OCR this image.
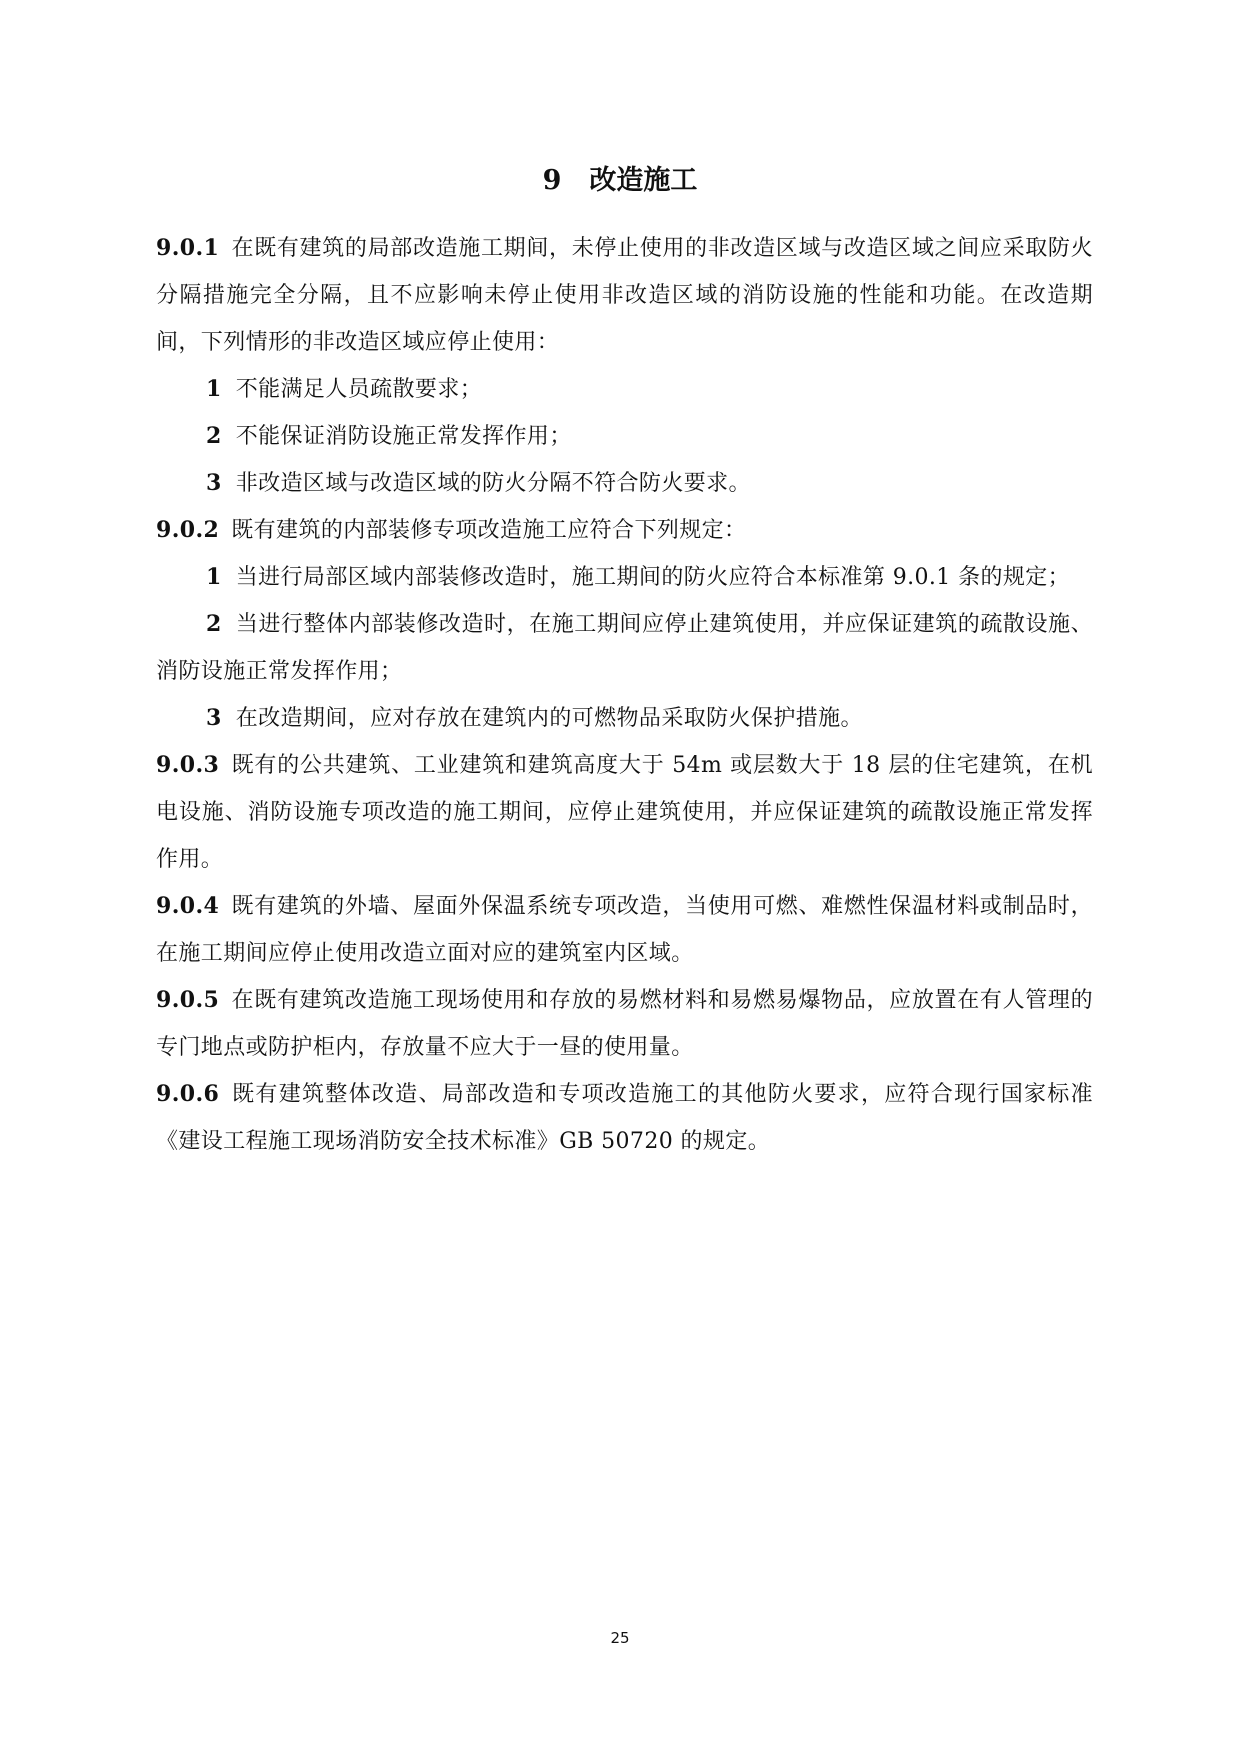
9 改造施工

9.0.1 在既有建筑的局部改造施工期间，未停止使用的非改造区域与改造区域之间应采取防火分隔措施完全分隔，且不应影响未停止使用非改造区域的消防设施的性能和功能。在改造期间，下列情形的非改造区域应停止使用：

1 不能满足人员疏散要求；

2 不能保证消防设施正常发挥作用；

3 非改造区域与改造区域的防火分隔不符合防火要求。

9.0.2 既有建筑的内部装修专项改造施工应符合下列规定：

1 当进行局部区域内部装修改造时，施工期间的防火应符合本标准第 9.0.1 条的规定；

2 当进行整体内部装修改造时，在施工期间应停止建筑使用，并应保证建筑的疏散设施、消防设施正常发挥作用；

3 在改造期间，应对存放在建筑内的可燃物品采取防火保护措施。

9.0.3 既有的公共建筑、工业建筑和建筑高度大于 54m 或层数大于 18 层的住宅建筑，在机电设施、消防设施专项改造的施工期间，应停止建筑使用，并应保证建筑的疏散设施正常发挥作用。

9.0.4 既有建筑的外墙、屋面外保温系统专项改造，当使用可燃、难燃性保温材料或制品时，在施工期间应停止使用改造立面对应的建筑室内区域。

9.0.5 在既有建筑改造施工现场使用和存放的易燃材料和易燃易爆物品，应放置在有人管理的专门地点或防护柜内，存放量不应大于一昼的使用量。

9.0.6 既有建筑整体改造、局部改造和专项改造施工的其他防火要求，应符合现行国家标准《建设工程施工现场消防安全技术标准》GB 50720 的规定。

25
